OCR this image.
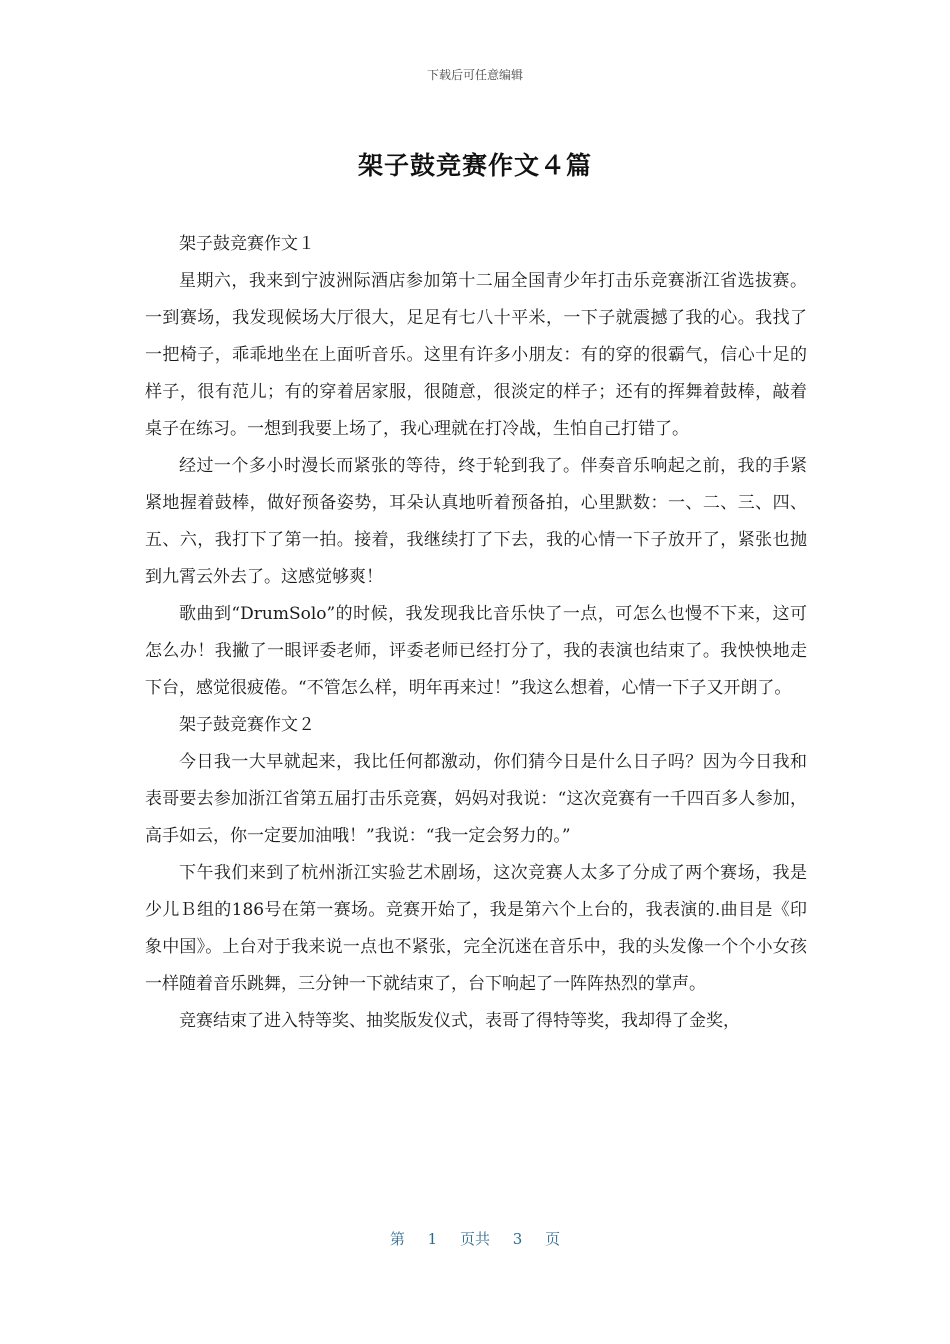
下载后可任意编辑
架子鼓竞赛作文４篇

架子鼓竞赛作文１

星期六，我来到宁波洲际酒店参加第十二届全国青少年打击乐竞赛浙江省选拔赛。一到赛场，我发现候场大厅很大，足足有七八十平米，一下子就震撼了我的心。我找了一把椅子，乖乖地坐在上面听音乐。这里有许多小朋友：有的穿的很霸气，信心十足的样子，很有范儿；有的穿着居家服，很随意，很淡定的样子；还有的挥舞着鼓棒，敲着桌子在练习。一想到我要上场了，我心理就在打冷战，生怕自己打错了。

经过一个多小时漫长而紧张的等待，终于轮到我了。伴奏音乐响起之前，我的手紧紧地握着鼓棒，做好预备姿势，耳朵认真地听着预备拍，心里默数：一、二、三、四、五、六，我打下了第一拍。接着，我继续打了下去，我的心情一下子放开了，紧张也抛到九霄云外去了。这感觉够爽！

歌曲到“DrumSolo”的时候，我发现我比音乐快了一点，可怎么也慢不下来，这可怎么办！我撇了一眼评委老师，评委老师已经打分了，我的表演也结束了。我怏怏地走下台，感觉很疲倦。“不管怎么样，明年再来过！”我这么想着，心情一下子又开朗了。

架子鼓竞赛作文２

今日我一大早就起来，我比任何都激动，你们猜今日是什么日子吗？因为今日我和表哥要去参加浙江省第五届打击乐竞赛，妈妈对我说：“这次竞赛有一千四百多人参加，高手如云，你一定要加油哦！”我说：“我一定会努力的。”

下午我们来到了杭州浙江实验艺术剧场，这次竞赛人太多了分成了两个赛场，我是少儿Ｂ组的186号在第一赛场。竞赛开始了，我是第六个上台的，我表演的.曲目是《印象中国》。上台对于我来说一点也不紧张，完全沉迷在音乐中，我的头发像一个个小女孩一样随着音乐跳舞，三分钟一下就结束了，台下响起了一阵阵热烈的掌声。

竞赛结束了进入特等奖、抽奖版发仪式，表哥了得特等奖，我却得了金奖，

第 1 页共 3 页
